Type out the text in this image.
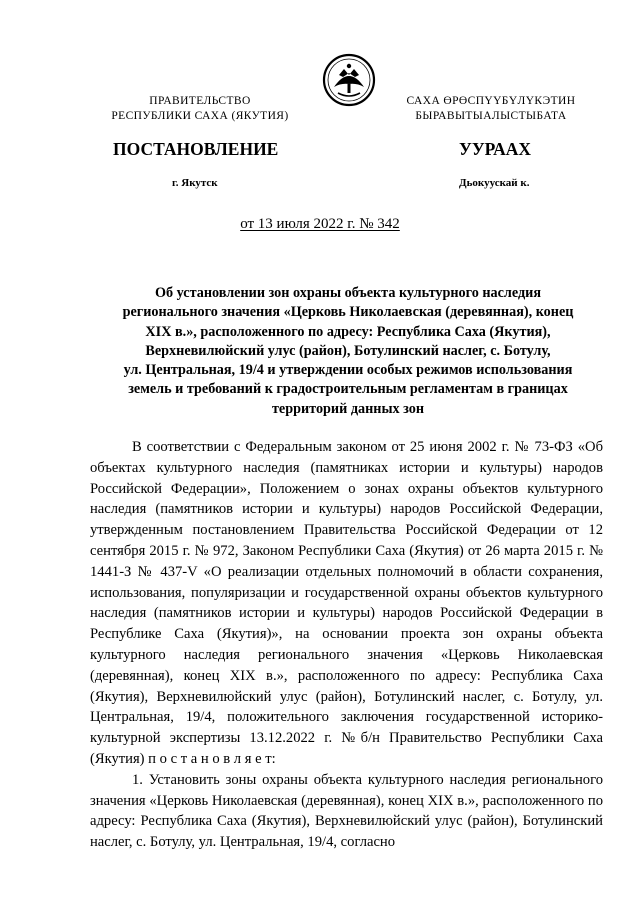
ПРАВИТЕЛЬСТВО
РЕСПУБЛИКИ САХА (ЯКУТИЯ)
САХА ӨРӨСПҮҮБҮЛҮКЭТИН
БЫРАВЫТЫАЛЫСТЫБАТА
ПОСТАНОВЛЕНИЕ	УУРААХ
г. Якутск	Дьокуускай к.
от 13 июля 2022 г. № 342
Об установлении зон охраны объекта культурного наследия
регионального значения «Церковь Николаевская (деревянная), конец
XIX в.», расположенного по адресу: Республика Саха (Якутия),
Верхневилюйский улус (район), Ботулинский наслег, с. Ботулу,
ул. Центральная, 19/4 и утверждении особых режимов использования
земель и требований к градостроительным регламентам в границах
территорий данных зон

В соответствии с Федеральным законом от 25 июня 2002 г. № 73-ФЗ «Об объектах культурного наследия (памятниках истории и культуры) народов Российской Федерации», Положением о зонах охраны объектов культурного наследия (памятников истории и культуры) народов Российской Федерации, утвержденным постановлением Правительства Российской Федерации от 12 сентября 2015 г. № 972, Законом Республики Саха (Якутия) от 26 марта 2015 г. № 1441-З № 437-V «О реализации отдельных полномочий в области сохранения, использования, популяризации и государственной охраны объектов культурного наследия (памятников истории и культуры) народов Российской Федерации в Республике Саха (Якутия)», на основании проекта зон охраны объекта культурного наследия регионального значения «Церковь Николаевская (деревянная), конец XIX в.», расположенного по адресу: Республика Саха (Якутия), Верхневилюйский улус (район), Ботулинский наслег, с. Ботулу, ул. Центральная, 19/4, положительного заключения государственной историко-культурной экспертизы 13.12.2022 г. №б/н Правительство Республики Саха (Якутия) п о с т а н о в л я е т:

1. Установить зоны охраны объекта культурного наследия регионального значения «Церковь Николаевская (деревянная), конец XIX в.», расположенного по адресу: Республика Саха (Якутия), Верхневилюйский улус (район), Ботулинский наслег, с. Ботулу, ул. Центральная, 19/4, согласно
